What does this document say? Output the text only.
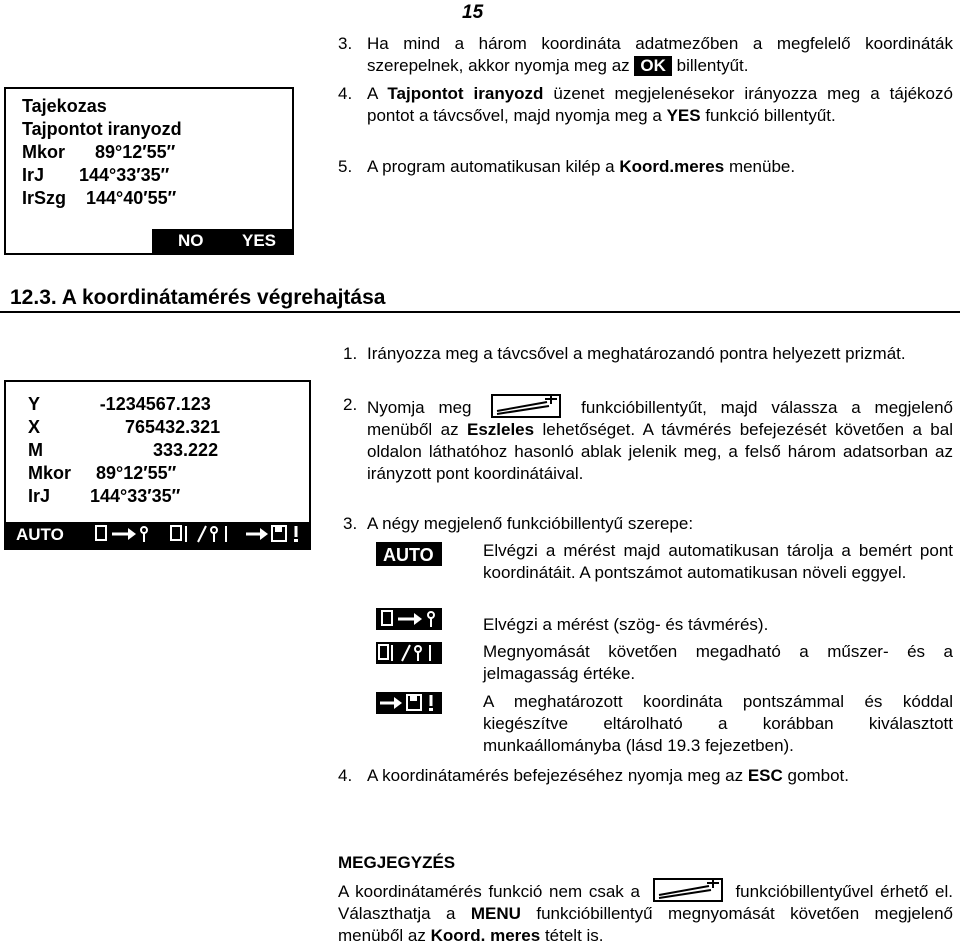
15
Tajekozas
Tajpontot iranyozd
Mkor      89°12′55″
IrJ       144°33′35″
IrSzg    144°40′55″
NO YES
3. Ha mind a három koordináta adatmezőben a megfelelő koordináták szerepelnek, akkor nyomja meg az OK billentyűt.
4. A Tajpontot iranyozd üzenet megjelenésekor irányozza meg a tájékozó pontot a távcsővel, majd nyomja meg a YES funkció billentyűt.
5. A program automatikusan kilép a Koord.meres menübe.
12.3. A koordinátamérés végrehajtása
Y            -1234567.123
X                 765432.321
M                      333.222
Mkor     89°12′55″
IrJ        144°33′35″
AUTO
1. Irányozza meg a távcsővel a meghatározandó pontra helyezett prizmát.
2. Nyomja meg	funkcióbillentyűt, majd válassza a megjelenő menüből az Eszleles lehetőséget. A távmérés befejezését követően a bal oldalon láthatóhoz hasonló ablak jelenik meg, a felső három adatsorban az irányzott pont koordinátáival.
3. A négy megjelenő funkcióbillentyű szerepe:
AUTO	Elvégzi a mérést majd automatikusan tárolja a bemért pont koordinátáit. A pontszámot automatikusan növeli eggyel.
Elvégzi a mérést (szög- és távmérés).
Megnyomását követően megadható a műszer- és a jelmagasság értéke.
A meghatározott koordináta pontszámmal és kóddal kiegészítve eltárolható a korábban kiválasztott munkaállományba (lásd 19.3 fejezetben).
4. A koordinátamérés befejezéséhez nyomja meg az ESC gombot.
MEGJEGYZÉS
A koordinátamérés funkció nem csak a	funkcióbillentyűvel érhető el. Választhatja a MENU funkcióbillentyű megnyomását követően megjelenő menüből az Koord. meres tételt is.
